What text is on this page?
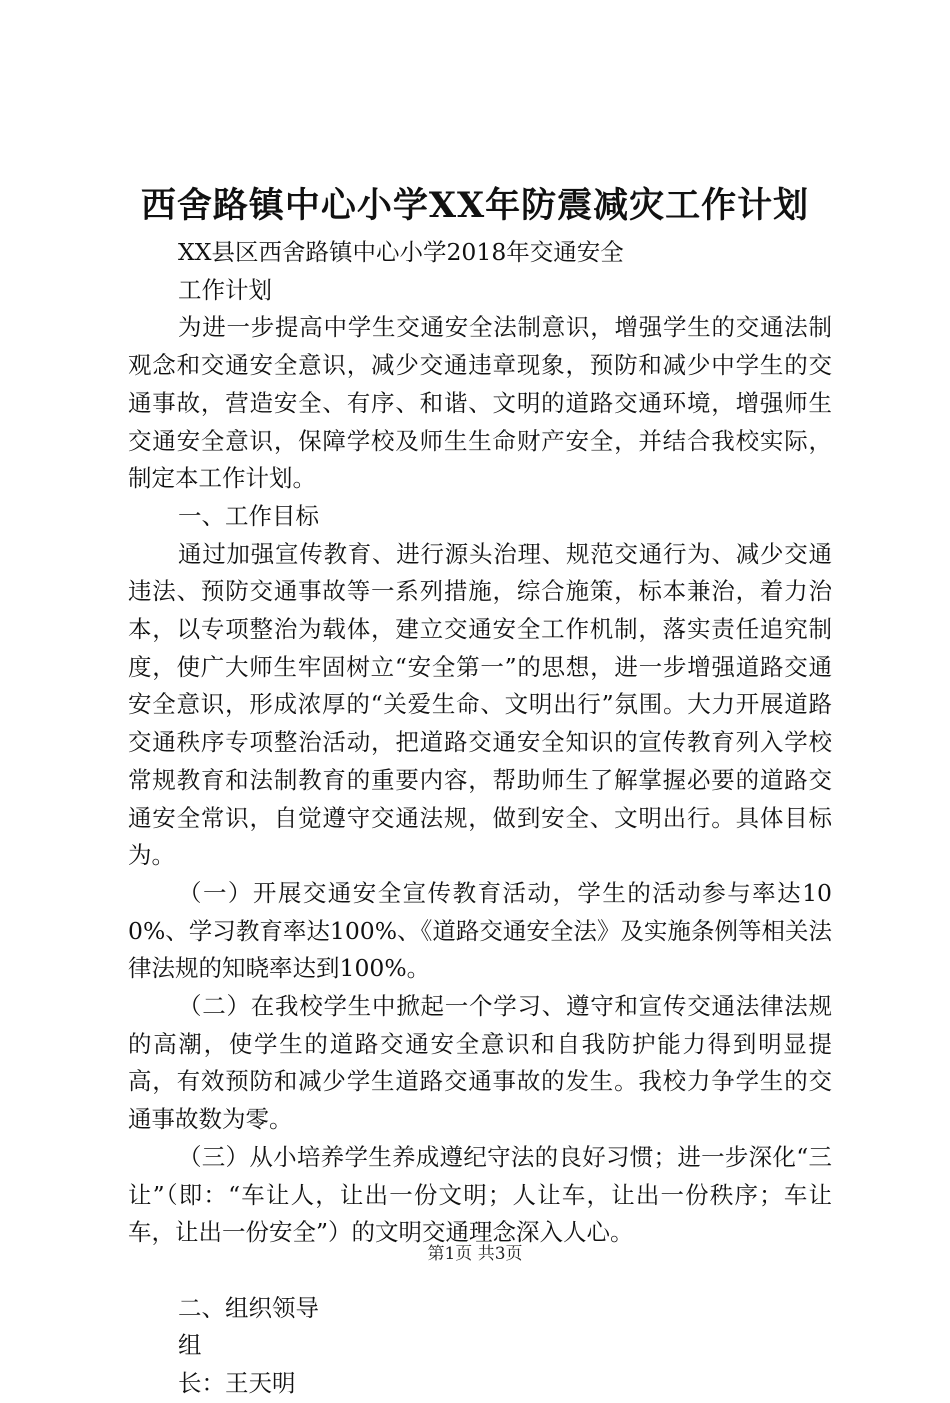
西舍路镇中心小学XX年防震减灾工作计划

XX县区西舍路镇中心小学2018年交通安全

工作计划

为进一步提高中学生交通安全法制意识，增强学生的交通法制观念和交通安全意识，减少交通违章现象，预防和减少中学生的交通事故，营造安全、有序、和谐、文明的道路交通环境，增强师生交通安全意识，保障学校及师生生命财产安全，并结合我校实际，制定本工作计划。

一、工作目标

通过加强宣传教育、进行源头治理、规范交通行为、减少交通违法、预防交通事故等一系列措施，综合施策，标本兼治，着力治本，以专项整治为载体，建立交通安全工作机制，落实责任追究制度，使广大师生牢固树立“安全第一”的思想，进一步增强道路交通安全意识，形成浓厚的“关爱生命、文明出行”氛围。大力开展道路交通秩序专项整治活动，把道路交通安全知识的宣传教育列入学校常规教育和法制教育的重要内容，帮助师生了解掌握必要的道路交通安全常识，自觉遵守交通法规，做到安全、文明出行。具体目标为。

（一）开展交通安全宣传教育活动，学生的活动参与率达100%、学习教育率达100%、《道路交通安全法》及实施条例等相关法律法规的知晓率达到100%。

（二）在我校学生中掀起一个学习、遵守和宣传交通法律法规的高潮，使学生的道路交通安全意识和自我防护能力得到明显提高，有效预防和减少学生道路交通事故的发生。我校力争学生的交通事故数为零。

（三）从小培养学生养成遵纪守法的良好习惯；进一步深化“三让”（即：“车让人，让出一份文明；人让车，让出一份秩序；车让车，让出一份安全”）的文明交通理念深入人心。

二、组织领导

组

长：王天明

第1页 共3页
